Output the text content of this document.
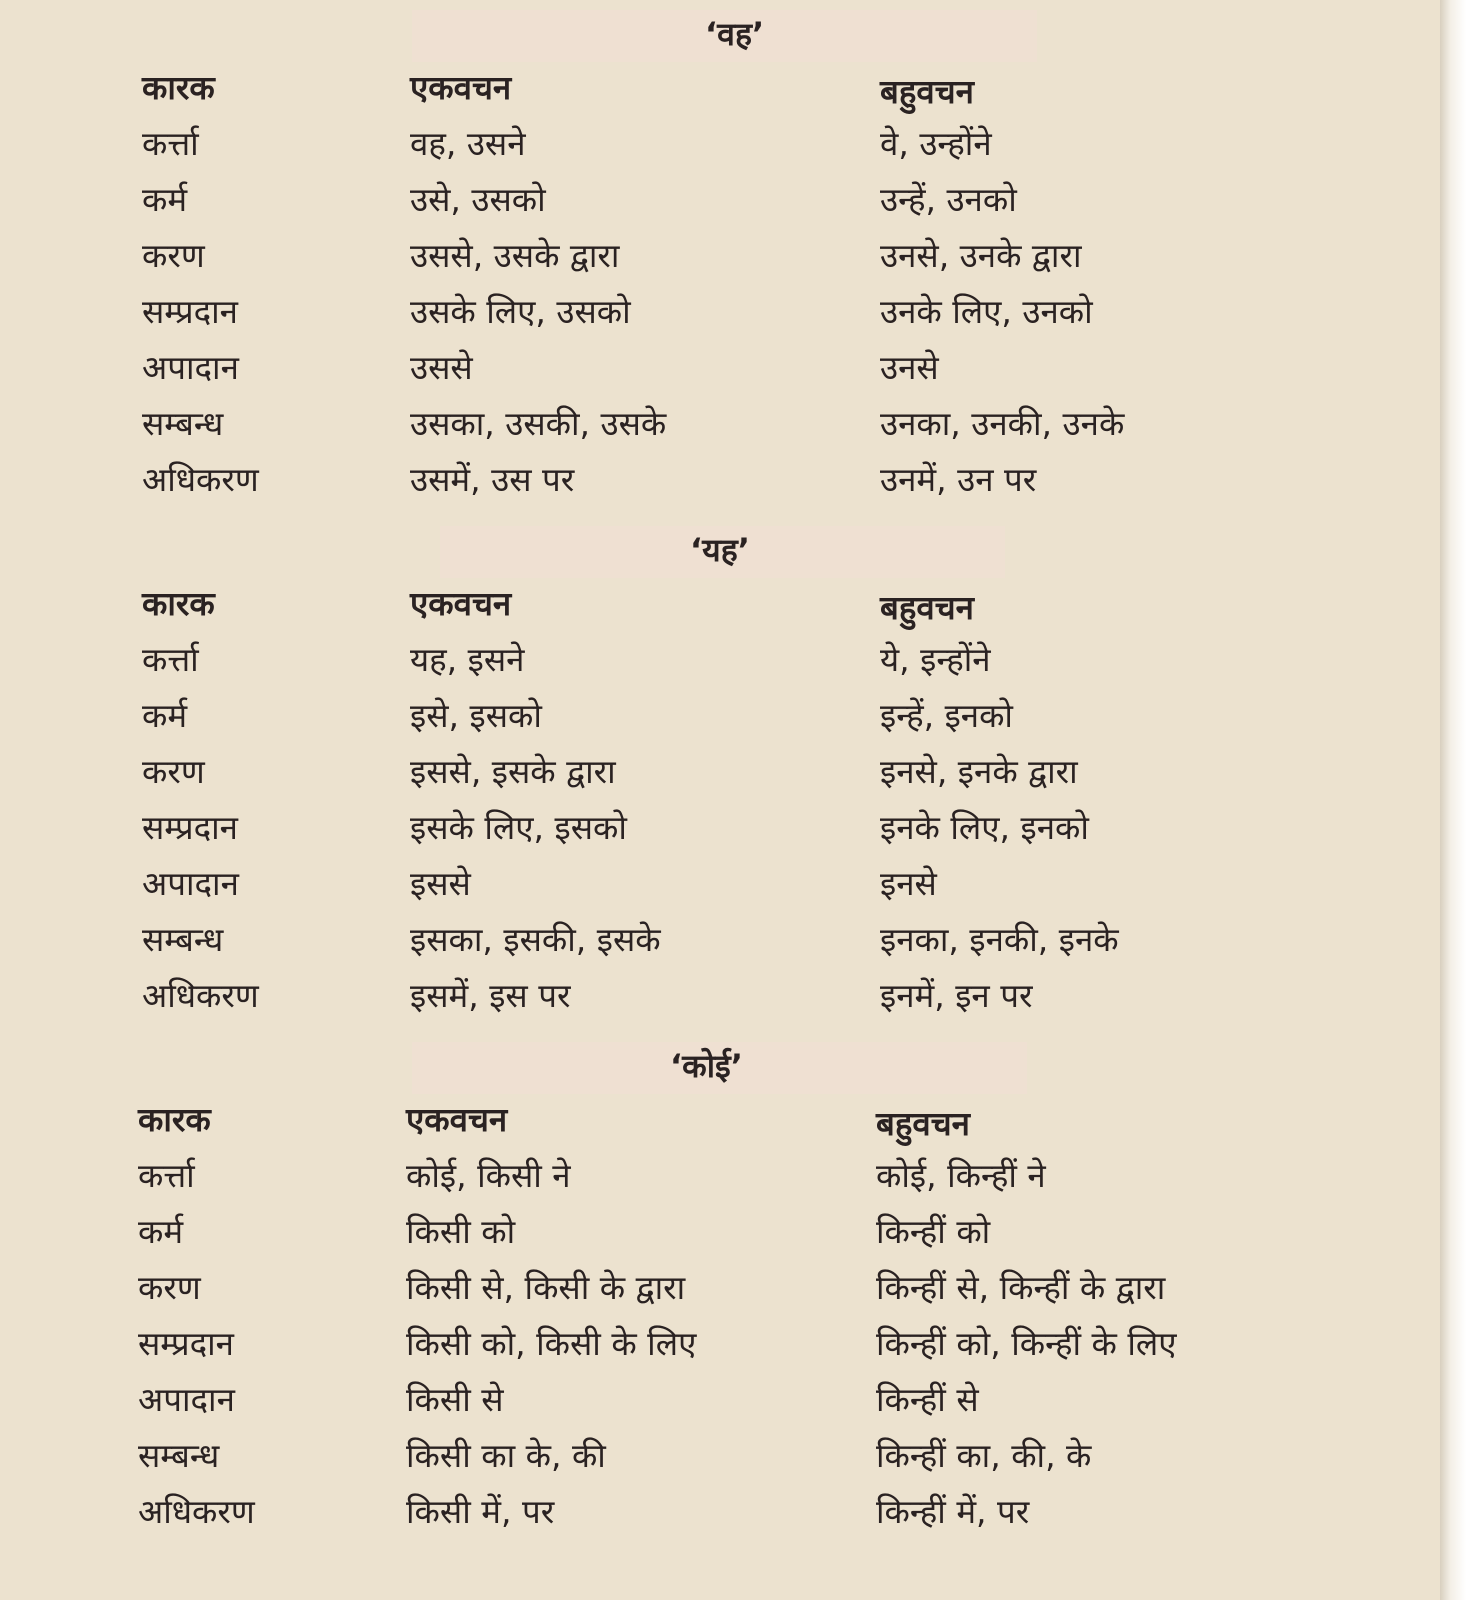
‘वह’
कारक	एकवचन	बहुवचन
कर्त्ता	वह, उसने	वे, उन्होंने
कर्म	उसे, उसको	उन्हें, उनको
करण	उससे, उसके द्वारा	उनसे, उनके द्वारा
सम्प्रदान	उसके लिए, उसको	उनके लिए, उनको
अपादान	उससे	उनसे
सम्बन्ध	उसका, उसकी, उसके	उनका, उनकी, उनके
अधिकरण	उसमें, उस पर	उनमें, उन पर
‘यह’
कारक	एकवचन	बहुवचन
कर्त्ता	यह, इसने	ये, इन्होंने
कर्म	इसे, इसको	इन्हें, इनको
करण	इससे, इसके द्वारा	इनसे, इनके द्वारा
सम्प्रदान	इसके लिए, इसको	इनके लिए, इनको
अपादान	इससे	इनसे
सम्बन्ध	इसका, इसकी, इसके	इनका, इनकी, इनके
अधिकरण	इसमें, इस पर	इनमें, इन पर
‘कोई’
कारक	एकवचन	बहुवचन
कर्त्ता	कोई, किसी ने	कोई, किन्हीं ने
कर्म	किसी को	किन्हीं को
करण	किसी से, किसी के द्वारा	किन्हीं से, किन्हीं के द्वारा
सम्प्रदान	किसी को, किसी के लिए	किन्हीं को, किन्हीं के लिए
अपादान	किसी से	किन्हीं से
सम्बन्ध	किसी का के, की	किन्हीं का, की, के
अधिकरण	किसी में, पर	किन्हीं में, पर
